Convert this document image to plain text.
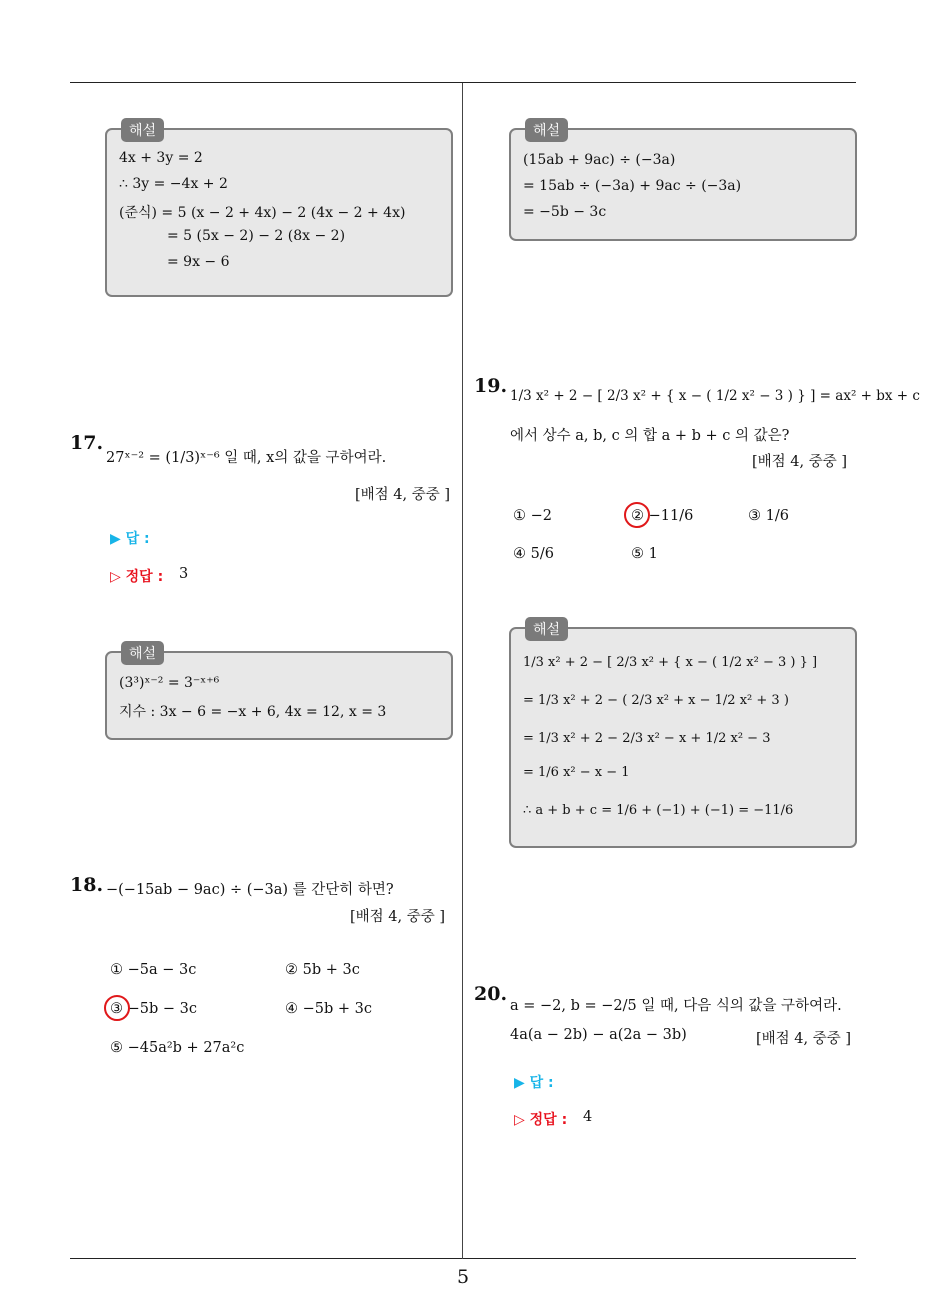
5
해설
4x + 3y = 2
∴ 3y = −4x + 2
(준식) = 5 (x − 2 + 4x) − 2 (4x − 2 + 4x)
= 5 (5x − 2) − 2 (8x − 2)
= 9x − 6
17.
27ˣ⁻² = (1/3)ˣ⁻⁶ 일 때, x의 값을 구하여라.
[배점 4, 중중 ]
▶ 답 :
▷ 정답 : 3
해설
(3³)ˣ⁻² = 3⁻ˣ⁺⁶
지수 : 3x − 6 = −x + 6, 4x = 12, x = 3
18. −(−15ab − 9ac) ÷ (−3a) 를 간단히 하면?
[배점 4, 중중 ]
① −5a − 3c	② 5b + 3c
③ −5b − 3c	④ −5b + 3c
⑤ −45a²b + 27a²c
해설
(15ab + 9ac) ÷ (−3a)
= 15ab ÷ (−3a) + 9ac ÷ (−3a)
= −5b − 3c
19. 1/3 x² + 2 − [ 2/3 x² + { x − ( 1/2 x² − 3 ) } ] = ax² + bx + c
에서 상수 a, b, c 의 합 a + b + c 의 값은?
[배점 4, 중중 ]
① −2	② −11/6	③ 1/6
④ 5/6	⑤ 1
해설
1/3 x² + 2 − [ 2/3 x² + { x − ( 1/2 x² − 3 ) } ]
= 1/3 x² + 2 − ( 2/3 x² + x − 1/2 x² + 3 )
= 1/3 x² + 2 − 2/3 x² − x + 1/2 x² − 3
= 1/6 x² − x − 1
∴ a + b + c = 1/6 + (−1) + (−1) = −11/6
20.
a = −2, b = −2/5 일 때, 다음 식의 값을 구하여라.
4a(a − 2b) − a(2a − 3b)	[배점 4, 중중 ]
▶ 답 :
▷ 정답 : 4
